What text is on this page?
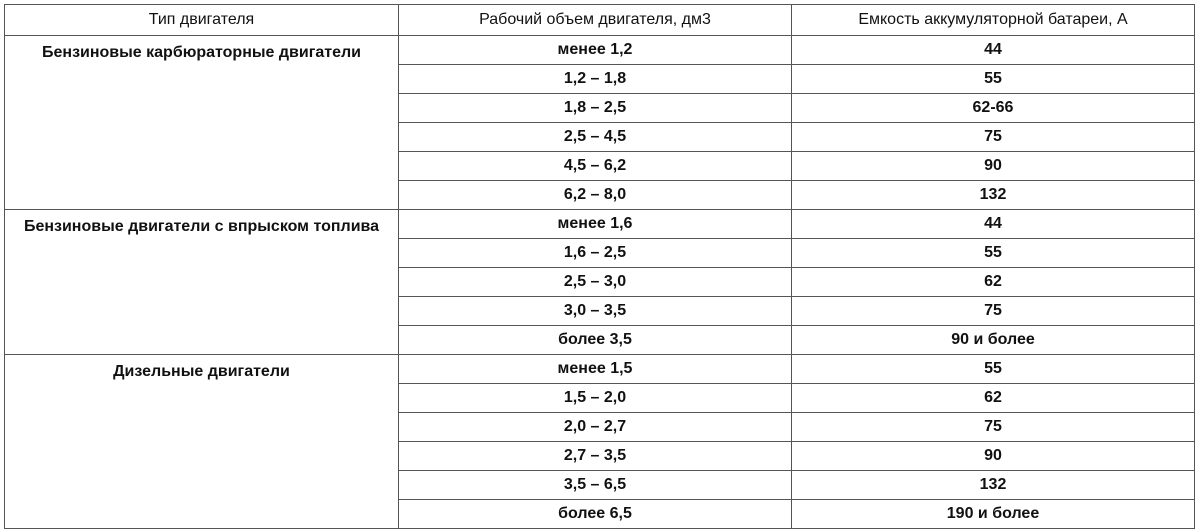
Тип двигателя	Рабочий объем двигателя, дм3	Емкость аккумуляторной батареи, А
Бензиновые карбюраторные двигатели	менее 1,2	44
	1,2 – 1,8	55
	1,8 – 2,5	62-66
	2,5 – 4,5	75
	4,5 – 6,2	90
	6,2 – 8,0	132
Бензиновые двигатели с впрыском топлива	менее 1,6	44
	1,6 – 2,5	55
	2,5 – 3,0	62
	3,0 – 3,5	75
	более 3,5	90 и более
Дизельные двигатели	менее 1,5	55
	1,5 – 2,0	62
	2,0 – 2,7	75
	2,7 – 3,5	90
	3,5 – 6,5	132
	более 6,5	190 и более
